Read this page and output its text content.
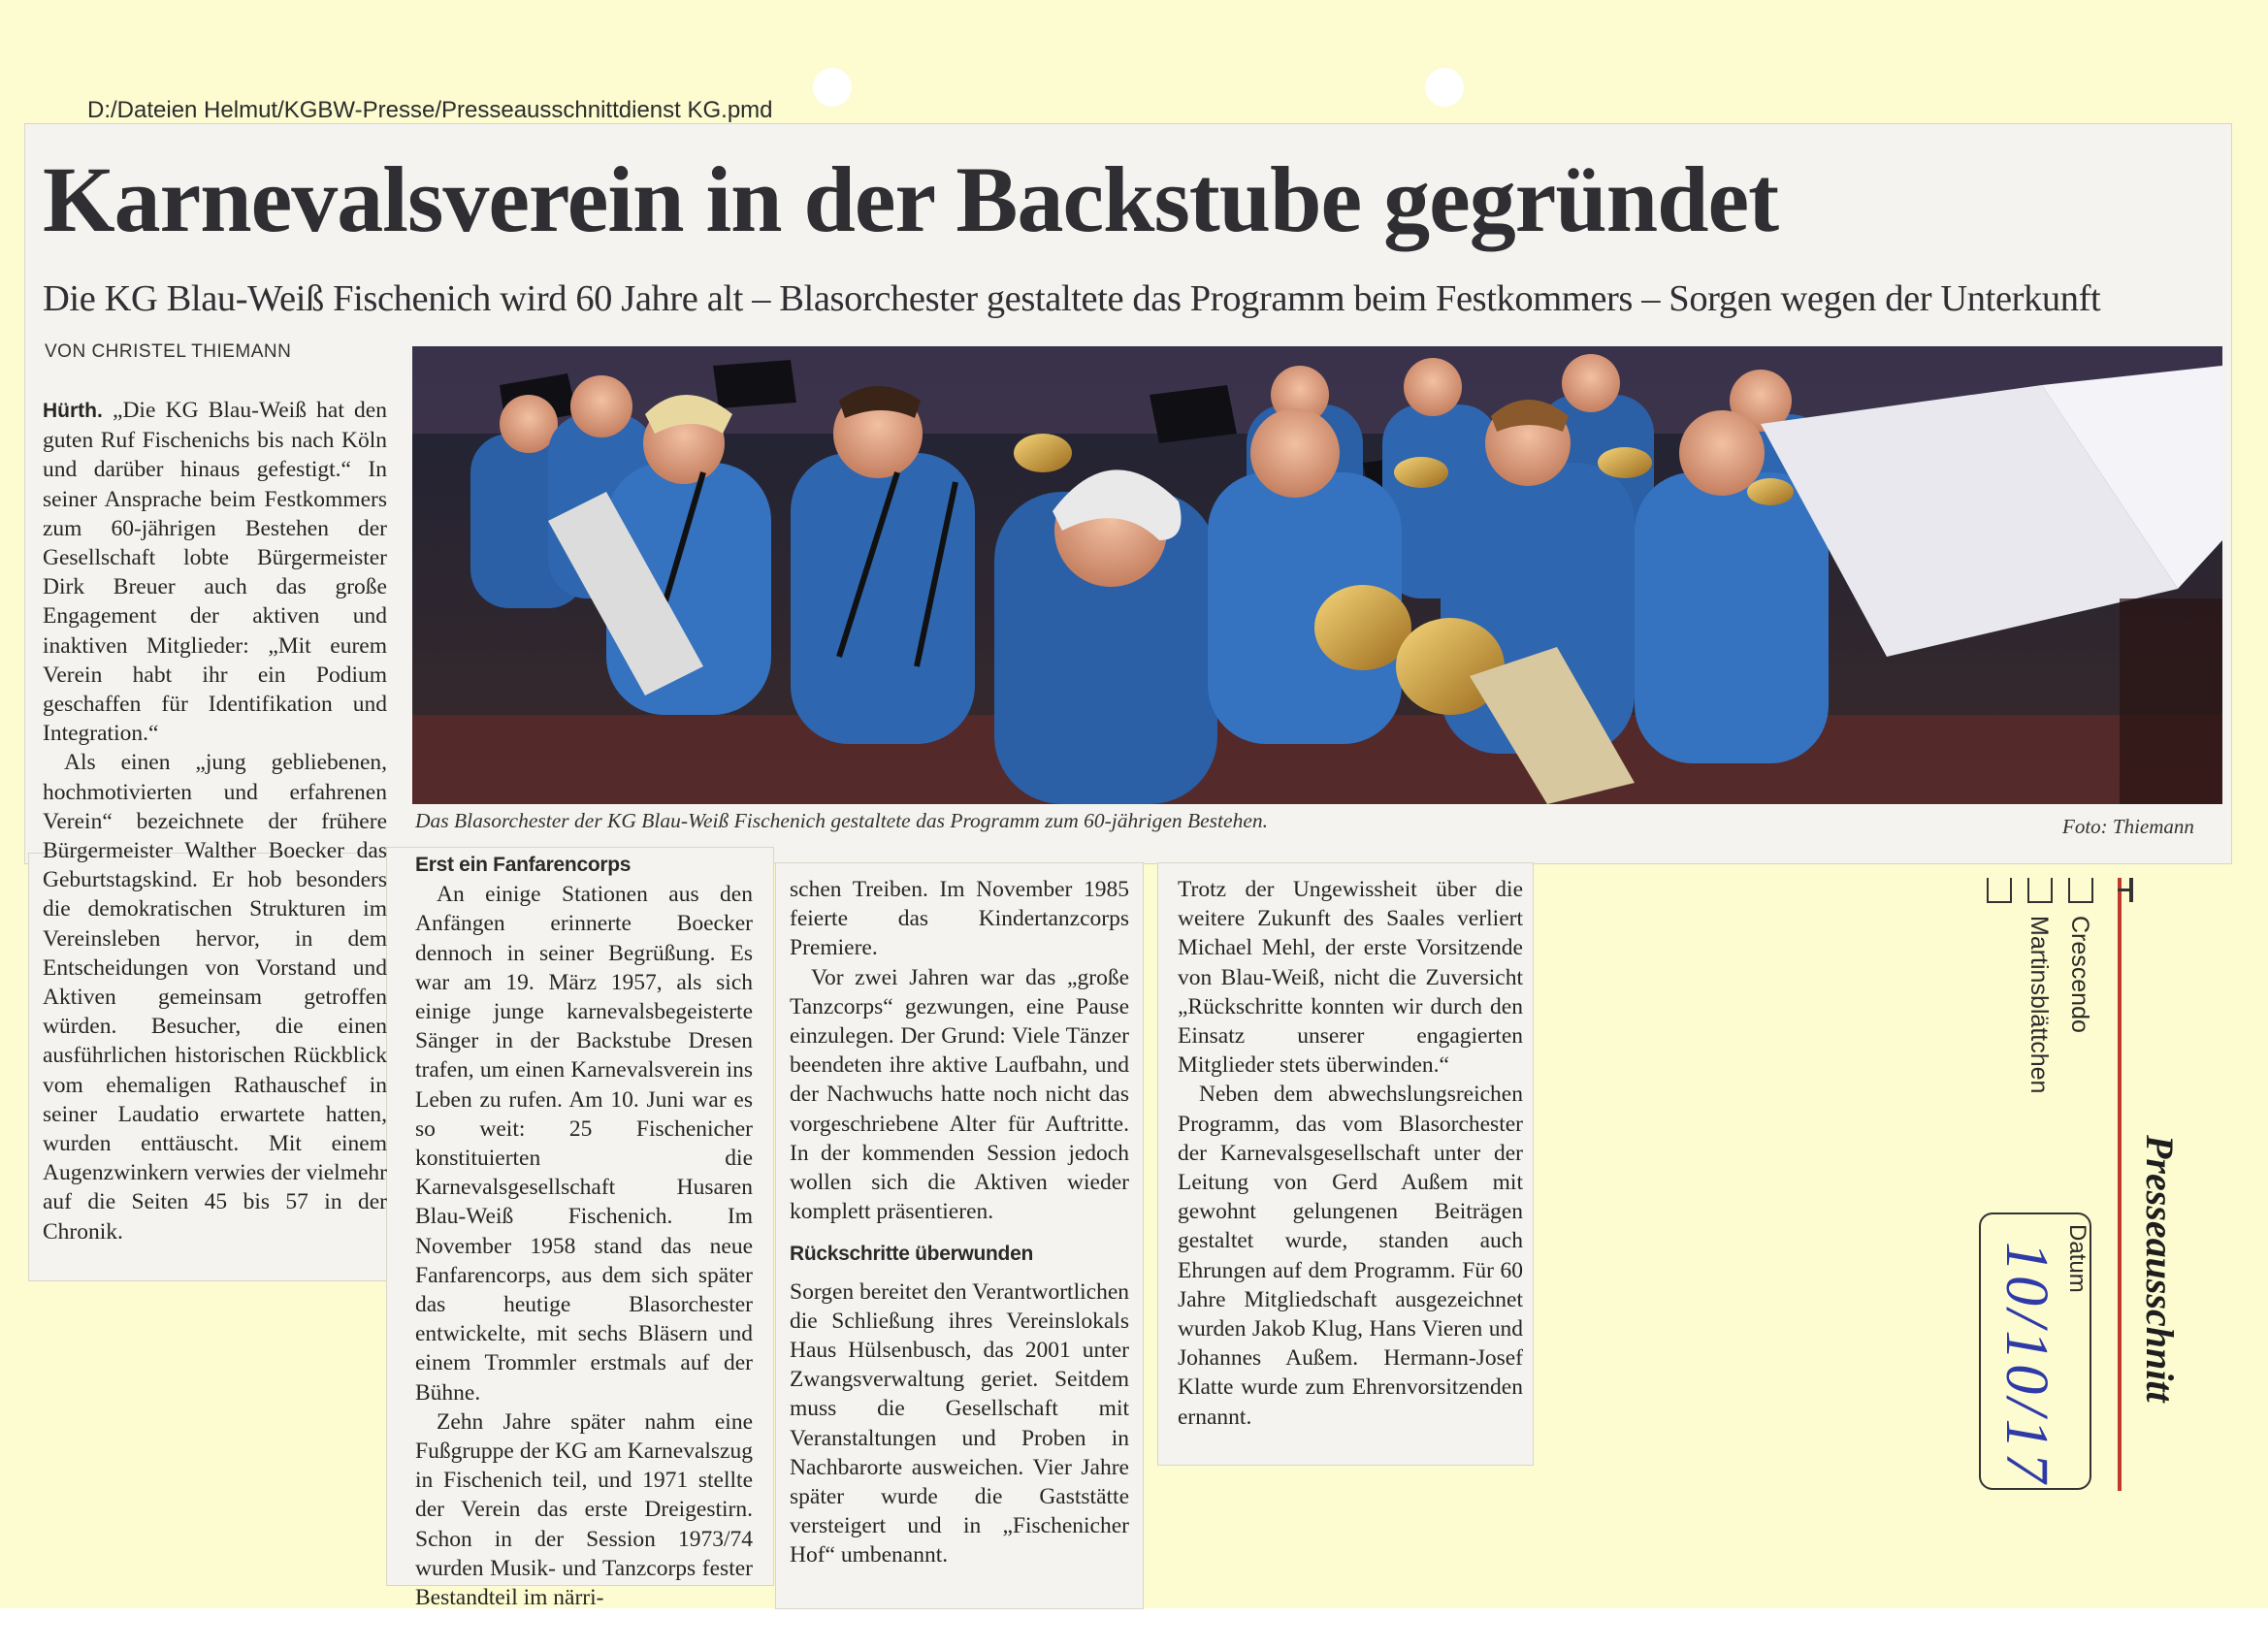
D:/Dateien Helmut/KGBW-Presse/Presseausschnittdienst KG.pmd
Karnevalsverein in der Backstube gegründet
Die KG Blau-Weiß Fischenich wird 60 Jahre alt – Blasorchester gestaltete das Programm beim Festkommers – Sorgen wegen der Unterkunft
VON CHRISTEL THIEMANN
Das Blasorchester der KG Blau-Weiß Fischenich gestaltete das Programm zum 60-jährigen Bestehen.	Foto: Thiemann

Hürth. „Die KG Blau-Weiß hat den guten Ruf Fischenichs bis nach Köln und darüber hinaus gefestigt.“ In seiner Ansprache beim Festkommers zum 60-jährigen Bestehen der Gesellschaft lobte Bürgermeister Dirk Breuer auch das große Engagement der aktiven und inaktiven Mitglieder: „Mit eurem Verein habt ihr ein Podium geschaffen für Identifikation und Integration.“

Als einen „jung gebliebenen, hochmotivierten und erfahrenen Verein“ bezeichnete der frühere Bürgermeister Walther Boecker das Geburtstagskind. Er hob besonders die demokratischen Strukturen im Vereinsleben hervor, in dem Entscheidungen von Vorstand und Aktiven gemeinsam getroffen würden. Besucher, die einen ausführlichen historischen Rückblick vom ehemaligen Rathauschef in seiner Laudatio erwartete hatten, wurden enttäuscht. Mit einem Augenzwinkern verwies der vielmehr auf die Seiten 45 bis 57 in der Chronik.

Erst ein Fanfarencorps

An einige Stationen aus den Anfängen erinnerte Boecker dennoch in seiner Begrüßung. Es war am 19. März 1957, als sich einige junge karnevalsbegeisterte Sänger in der Backstube Dresen trafen, um einen Karnevalsverein ins Leben zu rufen. Am 10. Juni war es so weit: 25 Fischenicher konstituierten die Karnevalsgesellschaft Husaren Blau-Weiß Fischenich. Im November 1958 stand das neue Fanfarencorps, aus dem sich später das heutige Blasorchester entwickelte, mit sechs Bläsern und einem Trommler erstmals auf der Bühne.

Zehn Jahre später nahm eine Fußgruppe der KG am Karnevalszug in Fischenich teil, und 1971 stellte der Verein das erste Dreigestirn. Schon in der Session 1973/74 wurden Musik- und Tanzcorps fester Bestandteil im närri-

schen Treiben. Im November 1985 feierte das Kindertanzcorps Premiere.

Vor zwei Jahren war das „große Tanzcorps“ gezwungen, eine Pause einzulegen. Der Grund: Viele Tänzer beendeten ihre aktive Laufbahn, und der Nachwuchs hatte noch nicht das vorgeschriebene Alter für Auftritte. In der kommenden Session jedoch wollen sich die Aktiven wieder komplett präsentieren.

Rückschritte überwunden

Sorgen bereitet den Verantwortlichen die Schließung ihres Vereinslokals Haus Hülsenbusch, das 2001 unter Zwangsverwaltung geriet. Seitdem muss die Gesellschaft mit Veranstaltungen und Proben in Nachbarorte ausweichen. Vier Jahre später wurde die Gaststätte versteigert und in „Fischenicher Hof“ umbenannt.

Trotz der Ungewissheit über die weitere Zukunft des Saales verliert Michael Mehl, der erste Vorsitzende von Blau-Weiß, nicht die Zuversicht „Rückschritte konnten wir durch den Einsatz unserer engagierten Mitglieder stets überwinden.“

Neben dem abwechslungsreichen Programm, das vom Blasorchester der Karnevalsgesellschaft unter der Leitung von Gerd Außem mit gewohnt gelungenen Beiträgen gestaltet wurde, standen auch Ehrungen auf dem Programm. Für 60 Jahre Mitgliedschaft ausgezeichnet wurden Jakob Klug, Hans Vieren und Johannes Außem. Hermann-Josef Klatte wurde zum Ehrenvorsitzenden ernannt.

Crescendo
Martinsblättchen
Presseausschnitt
Datum
10/10/17
